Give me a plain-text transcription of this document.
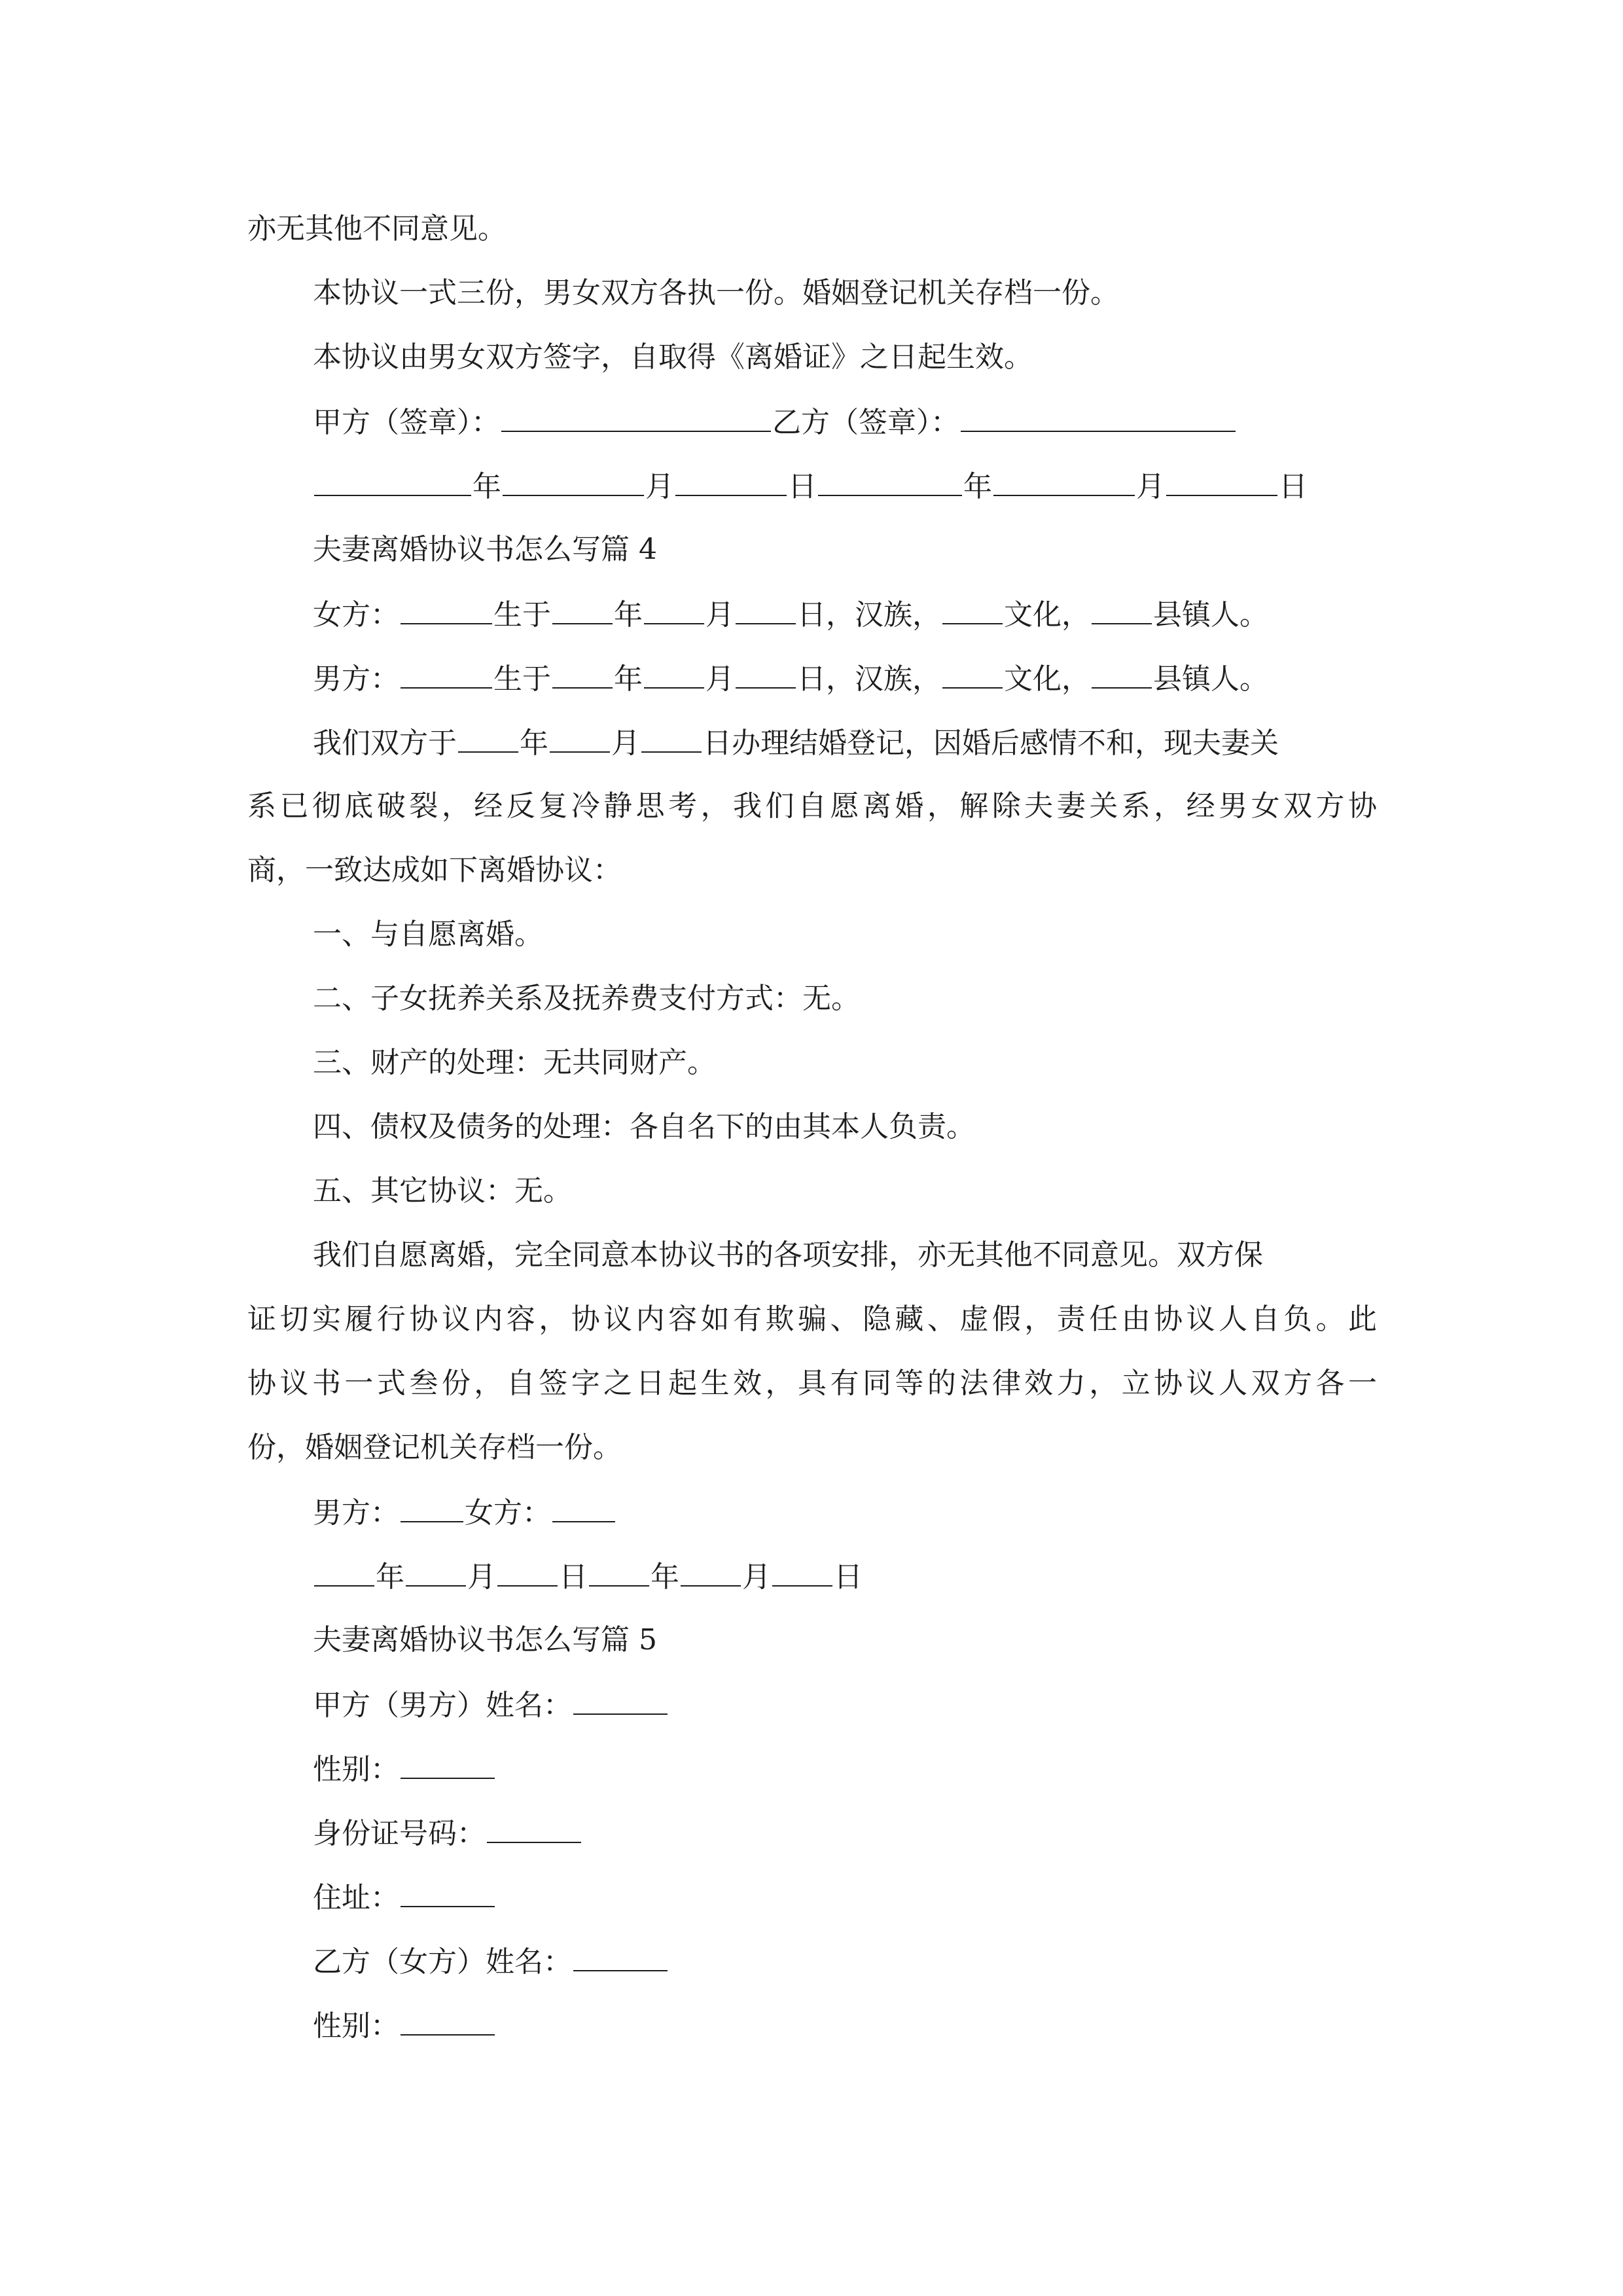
亦无其他不同意见。
本协议一式三份，男女双方各执一份。婚姻登记机关存档一份。
本协议由男女双方签字，自取得《离婚证》之日起生效。
甲方（签章）：	乙方（签章）：
年	月	日	年	月	日
夫妻离婚协议书怎么写篇 4
女方：	生于 年 月 日，汉族， 文化， 县镇人。
男方：	生于 年 月 日，汉族， 文化， 县镇人。
我们双方于 年 月 日办理结婚登记，因婚后感情不和，现夫妻关
系已彻底破裂，经反复冷静思考，我们自愿离婚，解除夫妻关系，经男女双方协
商，一致达成如下离婚协议：
一、与自愿离婚。
二、子女抚养关系及抚养费支付方式：无。
三、财产的处理：无共同财产。
四、债权及债务的处理：各自名下的由其本人负责。
五、其它协议：无。
我们自愿离婚，完全同意本协议书的各项安排，亦无其他不同意见。双方保
证切实履行协议内容，协议内容如有欺骗、隐藏、虚假，责任由协议人自负。此
协议书一式叁份，自签字之日起生效，具有同等的法律效力，立协议人双方各一
份，婚姻登记机关存档一份。
男方： 女方：
年 月 日 年 月 日
夫妻离婚协议书怎么写篇 5
甲方（男方）姓名：
性别：
身份证号码：
住址：
乙方（女方）姓名：
性别：
